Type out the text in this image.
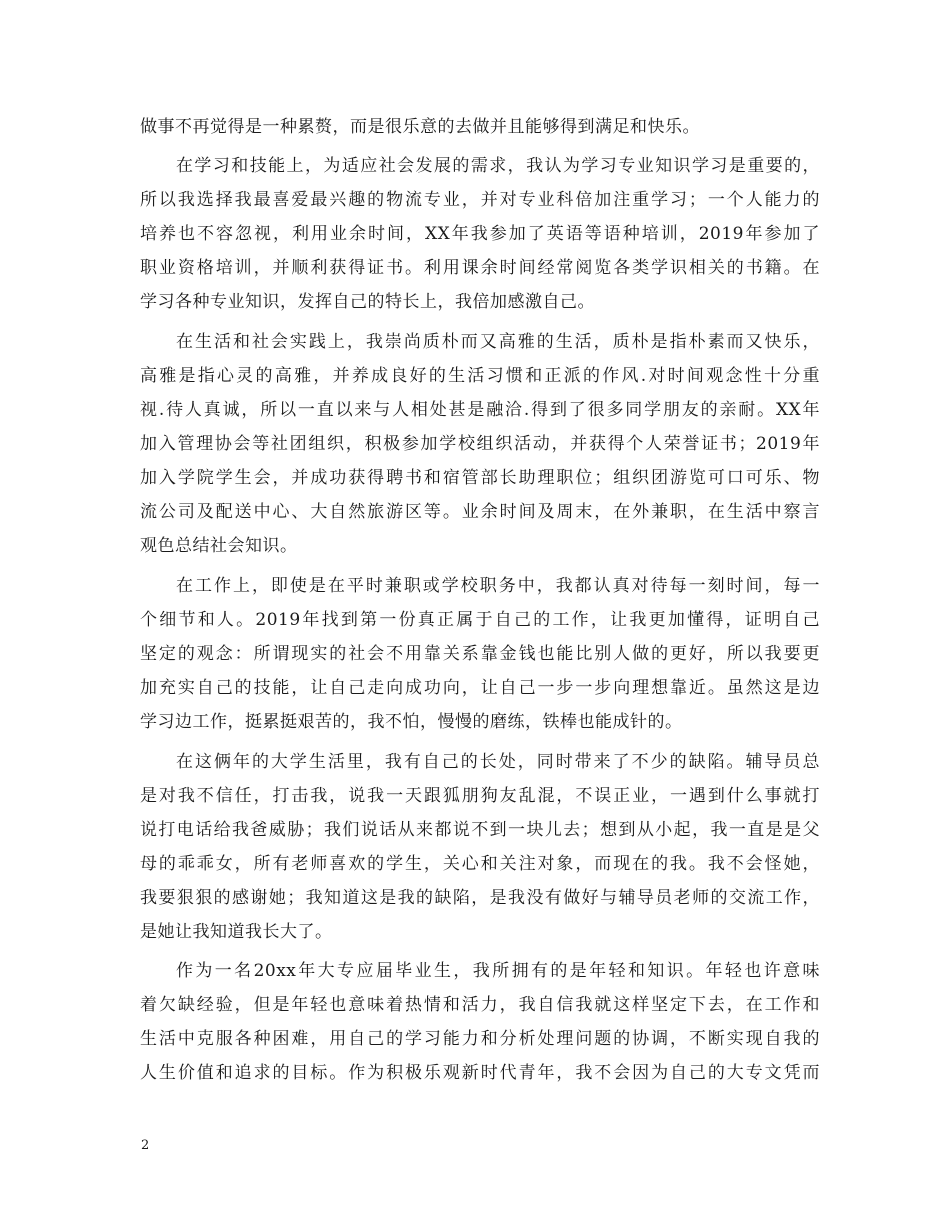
做事不再觉得是一种累赘，而是很乐意的去做并且能够得到满足和快乐。
在学习和技能上，为适应社会发展的需求，我认为学习专业知识学习是重要的，
所以我选择我最喜爱最兴趣的物流专业，并对专业科倍加注重学习；一个人能力的
培养也不容忽视，利用业余时间，XX年我参加了英语等语种培训，2019年参加了
职业资格培训，并顺利获得证书。利用课余时间经常阅览各类学识相关的书籍。在
学习各种专业知识，发挥自己的特长上，我倍加感激自己。
在生活和社会实践上，我崇尚质朴而又高雅的生活，质朴是指朴素而又快乐，
高雅是指心灵的高雅，并养成良好的生活习惯和正派的作风.对时间观念性十分重
视.待人真诚，所以一直以来与人相处甚是融洽.得到了很多同学朋友的亲耐。XX年
加入管理协会等社团组织，积极参加学校组织活动，并获得个人荣誉证书；2019年
加入学院学生会，并成功获得聘书和宿管部长助理职位；组织团游览可口可乐、物
流公司及配送中心、大自然旅游区等。业余时间及周末，在外兼职，在生活中察言
观色总结社会知识。
在工作上，即使是在平时兼职或学校职务中，我都认真对待每一刻时间，每一
个细节和人。2019年找到第一份真正属于自己的工作，让我更加懂得，证明自己
坚定的观念：所谓现实的社会不用靠关系靠金钱也能比别人做的更好，所以我要更
加充实自己的技能，让自己走向成功向，让自己一步一步向理想靠近。虽然这是边
学习边工作，挺累挺艰苦的，我不怕，慢慢的磨练，铁棒也能成针的。
在这俩年的大学生活里，我有自己的长处，同时带来了不少的缺陷。辅导员总
是对我不信任，打击我，说我一天跟狐朋狗友乱混，不误正业，一遇到什么事就打
说打电话给我爸威胁；我们说话从来都说不到一块儿去；想到从小起，我一直是是父
母的乖乖女，所有老师喜欢的学生，关心和关注对象，而现在的我。我不会怪她，
我要狠狠的感谢她；我知道这是我的缺陷，是我没有做好与辅导员老师的交流工作，
是她让我知道我长大了。
作为一名20xx年大专应届毕业生，我所拥有的是年轻和知识。年轻也许意味
着欠缺经验，但是年轻也意味着热情和活力，我自信我就这样坚定下去，在工作和
生活中克服各种困难，用自己的学习能力和分析处理问题的协调，不断实现自我的
人生价值和追求的目标。作为积极乐观新时代青年，我不会因为自己的大专文凭而
2
